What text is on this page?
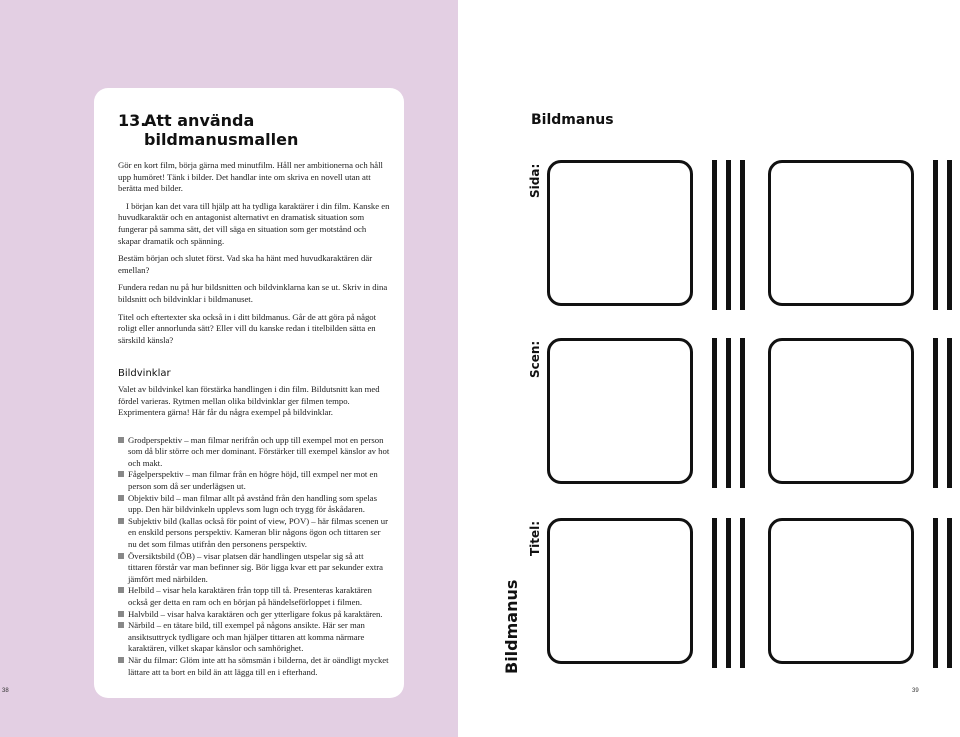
13.Att använda
bildmanusmallen

Gör en kort film, börja gärna med minutfilm. Håll ner ambitionerna och håll upp humöret! Tänk i bilder. Det handlar inte om skriva en novell utan att berätta med bilder.

I början kan det vara till hjälp att ha tydliga karaktärer i din film. Kanske en huvudkaraktär och en antagonist alternativt en dramatisk situation som fungerar på samma sätt, det vill säga en situation som ger motstånd och skapar dramatik och spänning.

Bestäm början och slutet först. Vad ska ha hänt med huvudkaraktären där emellan?

Fundera redan nu på hur bildsnitten och bildvinklarna kan se ut. Skriv in dina bildsnitt och bildvinklar i bildmanuset.

Titel och eftertexter ska också in i ditt bildmanus. Går de att göra på något roligt eller annorlunda sätt? Eller vill du kanske redan i titelbilden sätta en särskild känsla?

Bildvinklar

Valet av bildvinkel kan förstärka handlingen i din film. Bildutsnitt kan med fördel varieras. Rytmen mellan olika bildvinklar ger filmen tempo. Exprimentera gärna! Här får du några exempel på bildvinklar.

Grodperspektiv – man filmar nerifrån och upp till exempel mot en person som då blir större och mer dominant. Förstärker till exempel känslor av hot och makt.
Fågelperspektiv – man filmar från en högre höjd, till exmpel ner mot en person som då ser underlägsen ut.
Objektiv bild – man filmar allt på avstånd från den handling som spelas upp. Den här bildvinkeln upplevs som lugn och trygg för åskådaren.
Subjektiv bild (kallas också för point of view, POV) – här filmas scenen ur en enskild persons perspektiv. Kameran blir någons ögon och tittaren ser nu det som filmas utifrån den personens perspektiv.
Översiktsbild (ÖB) – visar platsen där handlingen utspelar sig så att tittaren förstår var man befinner sig. Bör ligga kvar ett par sekunder extra jämfört med närbilden.
Helbild – visar hela karaktären från topp till tå. Presenteras karaktären också ger detta en ram och en början på händelseförloppet i filmen.
Halvbild – visar halva karaktären och ger ytterligare fokus på karaktären.
Närbild – en tätare bild, till exempel på någons ansikte. Här ser man ansiktsuttryck tydligare och man hjälper tittaren att komma närmare karaktären, vilket skapar känslor och samhörighet.
När du filmar: Glöm inte att ha sömsmän i bilderna, det är oändligt mycket lättare att ta bort en bild än att lägga till en i efterhand.
38	39
Bildmanus
Bildmanus
Sida:
Scen:
Titel:
